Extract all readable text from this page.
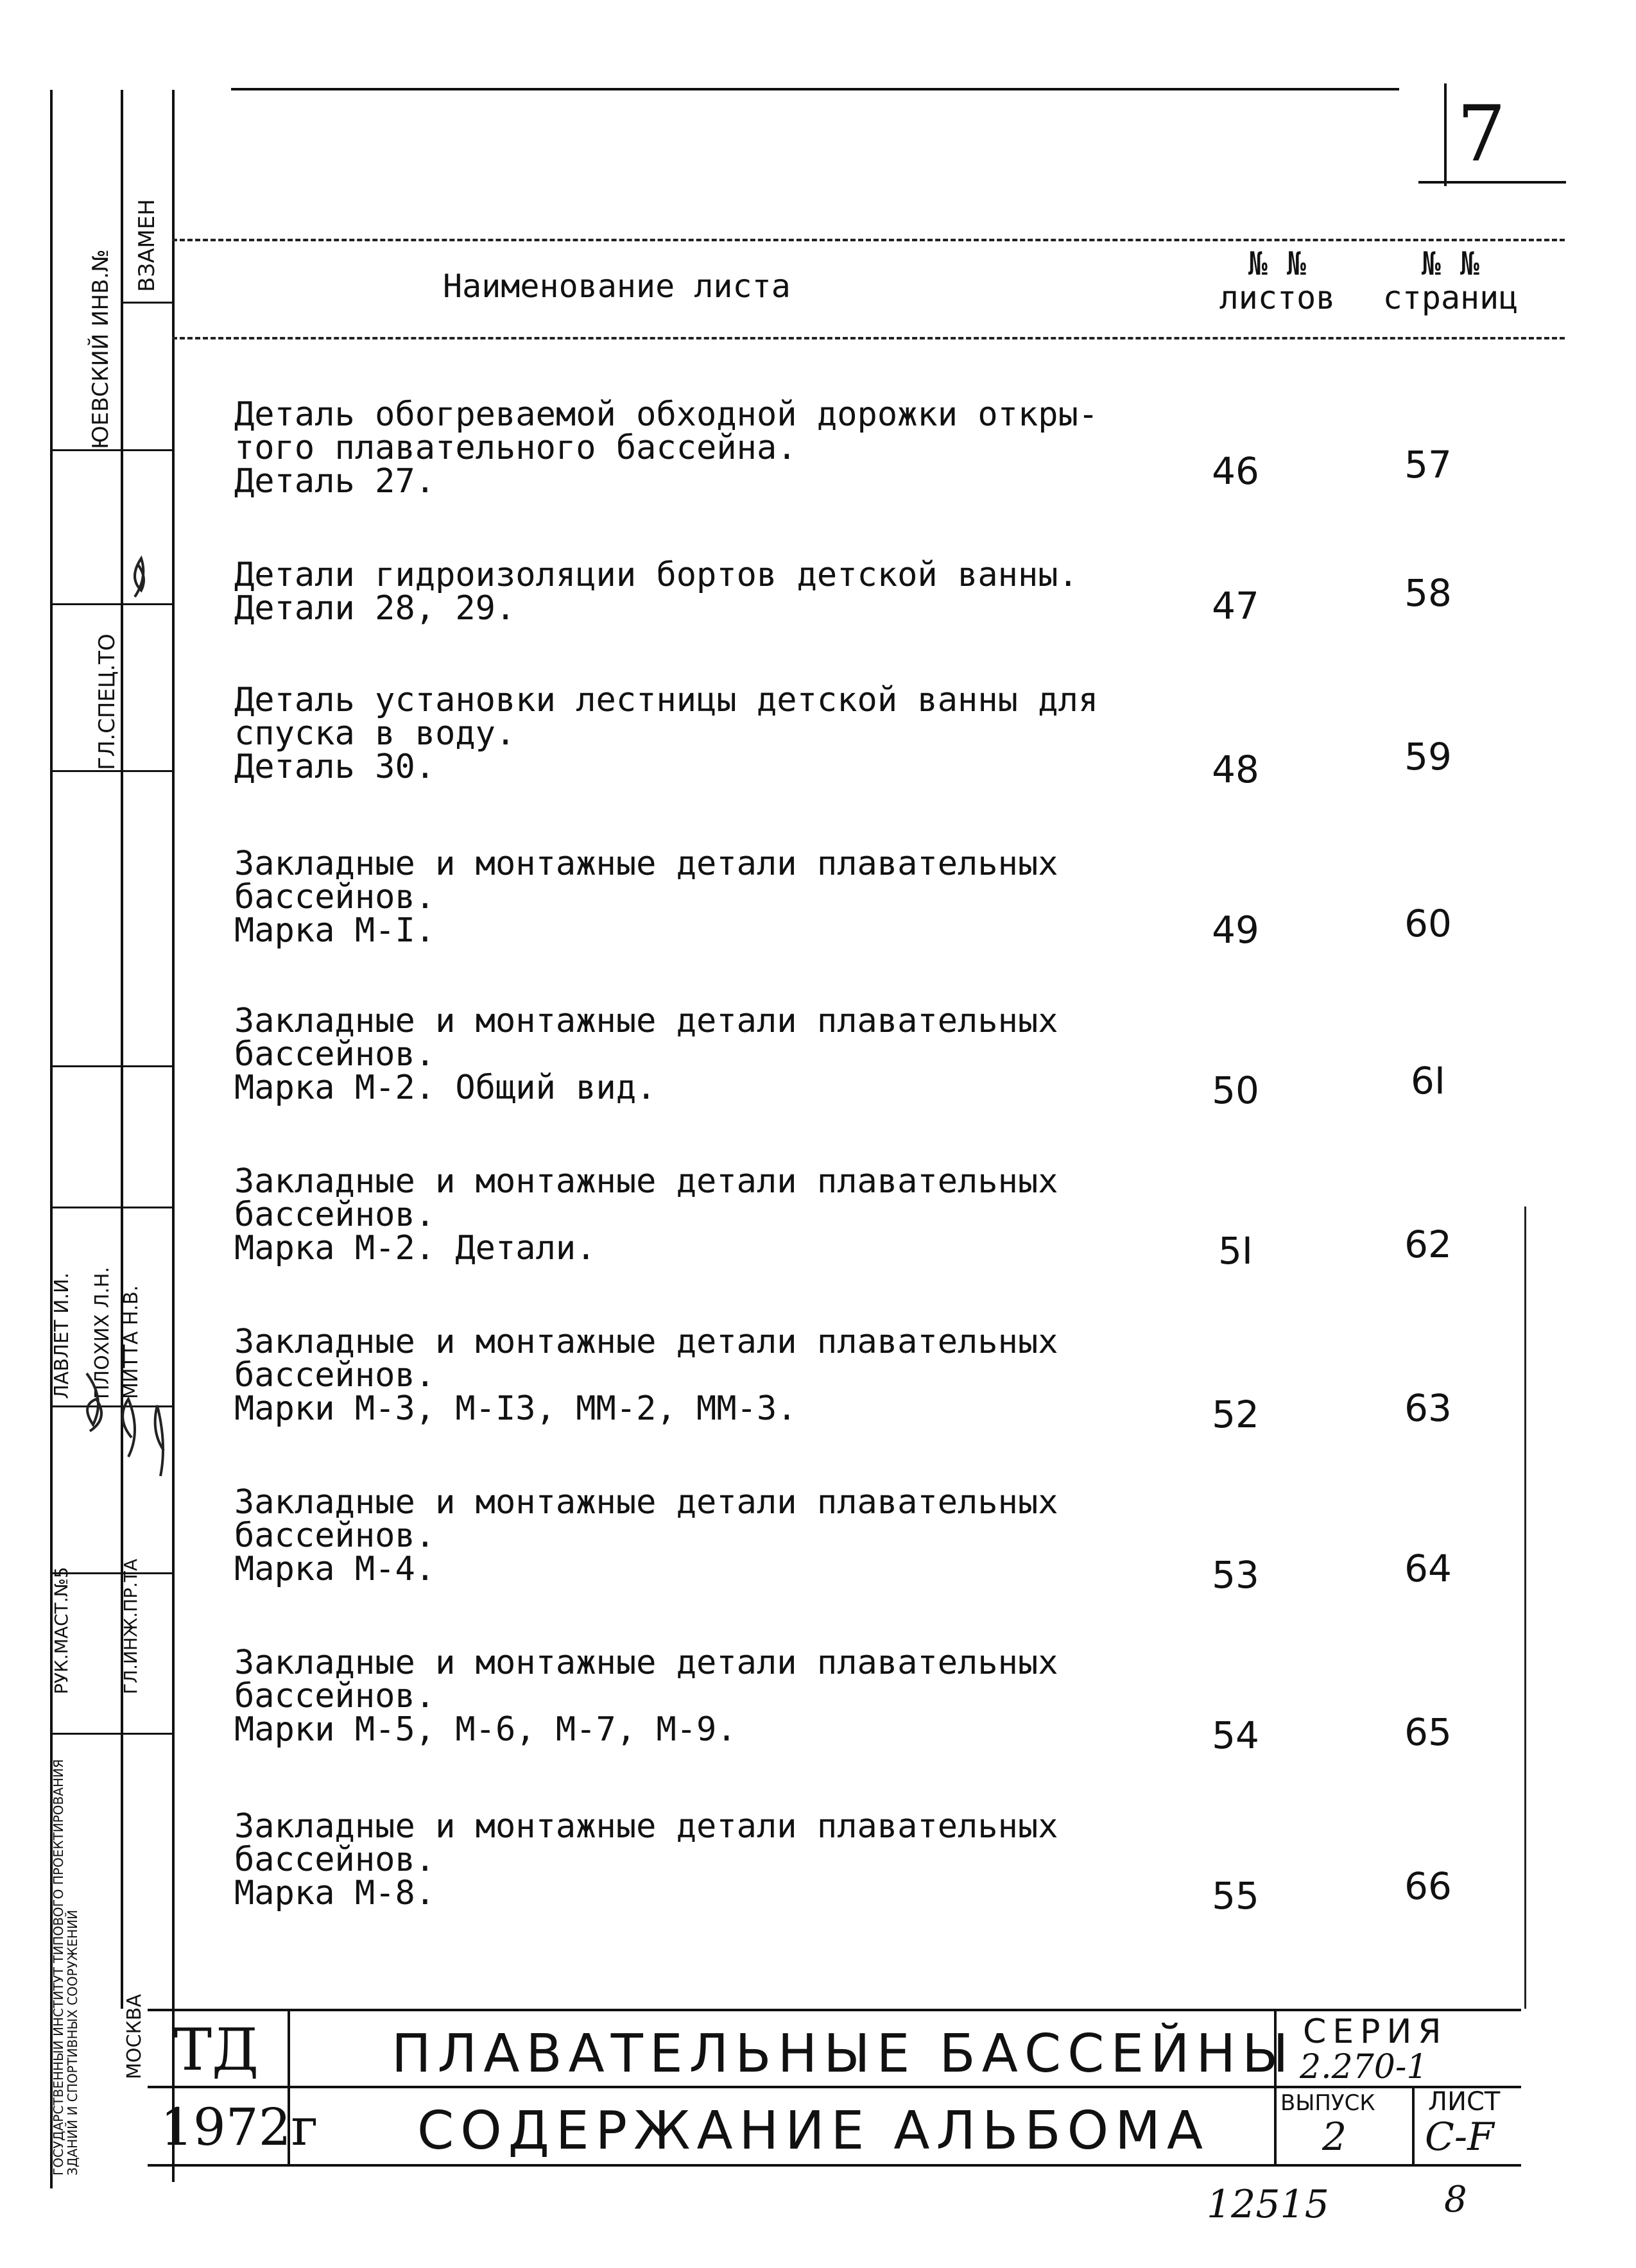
7
Наименование листа
№ №
листов
№ №
страниц
Деталь обогреваемой обходной дорожки откры-
того плавательного бассейна.
Деталь 27.	46	57
Детали гидроизоляции бортов детской ванны.
Детали 28, 29.	47	58
Деталь установки лестницы детской ванны для
спуска в воду.
Деталь 30.	48	59
Закладные и монтажные детали плавательных
бассейнов.
Марка М-I.	49	60
Закладные и монтажные детали плавательных
бассейнов.
Марка М-2. Общий вид.	50	6I
Закладные и монтажные детали плавательных
бассейнов.
Марка М-2. Детали.	5I	62
Закладные и монтажные детали плавательных
бассейнов.
Марки М-3, М-I3, ММ-2, ММ-3.	52	63
Закладные и монтажные детали плавательных
бассейнов.
Марка М-4.	53	64
Закладные и монтажные детали плавательных
бассейнов.
Марки М-5, М-6, М-7, М-9.	54	65
Закладные и монтажные детали плавательных
бассейнов.
Марка М-8.	55	66
ТД
1972г
ПЛАВАТЕЛЬНЫЕ БАССЕЙНЫ
СОДЕРЖАНИЕ АЛЬБОМА
СЕРИЯ
2.270-1
ВЫПУСК
2
ЛИСТ
С-F
12515	8
ЮЕВСКИЙ ИНВ.№
ВЗАМЕН
ГЛ.СПЕЦ.ТО
ЛАВЛЕТ И.И. ПЛОХИХ Л.Н. МИТТА Н.В.
РУК.МАСТ.№5	ГЛ.ИНЖ.ПР.ТА
ГОСУДАРСТВЕННЫЙ ИНСТИТУТ ТИПОВОГО ПРОЕКТИРОВАНИЯ ЗДАНИЙ И СПОРТИВНЫХ СООРУЖЕНИЙ МОСКВА
